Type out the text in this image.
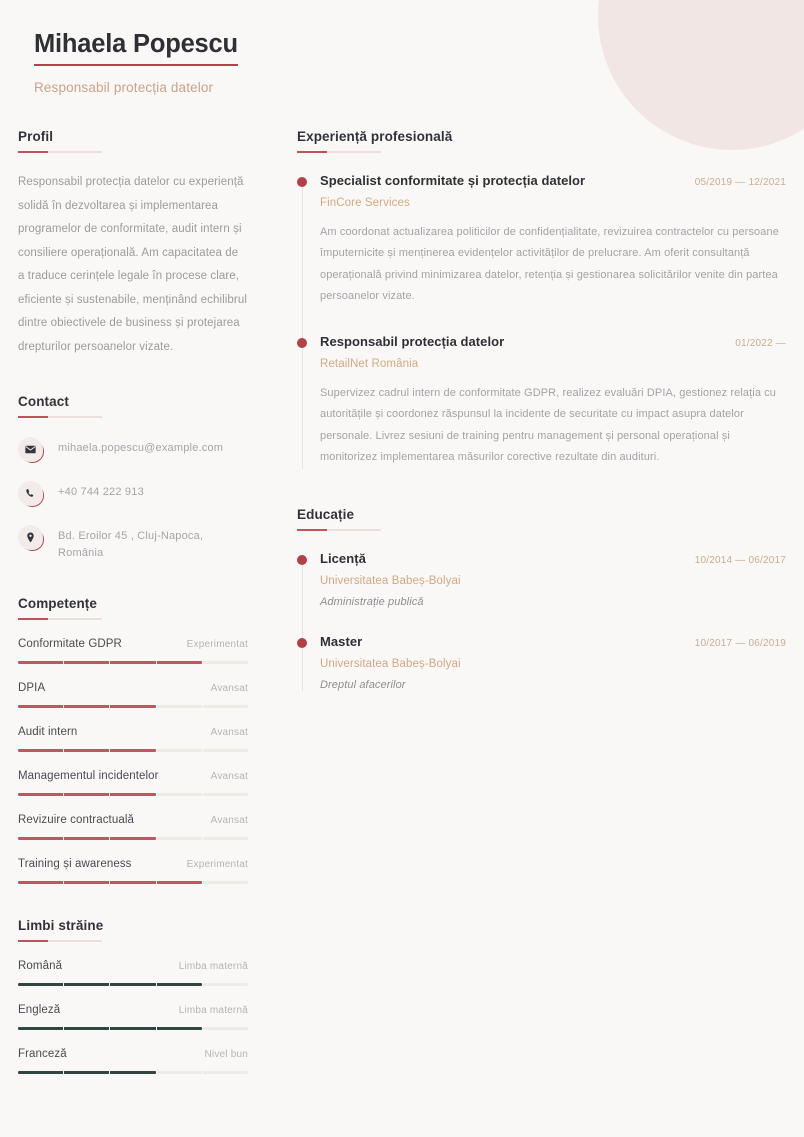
Mihaela Popescu

Responsabil protecția datelor

Profil

Responsabil protecția datelor cu experiență solidă în dezvoltarea și implementarea programelor de conformitate, audit intern și consiliere operațională. Am capacitatea de a traduce cerințele legale în procese clare, eficiente și sustenabile, menținând echilibrul dintre obiectivele de business și protejarea drepturilor persoanelor vizate.

Contact
mihaela.popescu@example.com
+40 744 222 913
Bd. Eroilor 45 , Cluj-Napoca, România
Competențe
Conformitate GDPR	Experimentat
DPIA	Avansat
Audit intern	Avansat
Managementul incidentelor	Avansat
Revizuire contractuală	Avansat
Training și awareness	Experimentat
Limbi străine
Română	Limba maternă
Engleză	Limba maternă
Franceză	Nivel bun
Experiență profesională
Specialist conformitate și protecția datelor	05/2019 — 12/2021
FinCore Services
Am coordonat actualizarea politicilor de confidențialitate, revizuirea contractelor cu persoane împuternicite și menținerea evidențelor activităților de prelucrare. Am oferit consultanță operațională privind minimizarea datelor, retenția și gestionarea solicitărilor venite din partea persoanelor vizate.
Responsabil protecția datelor	01/2022 —
RetailNet România
Supervizez cadrul intern de conformitate GDPR, realizez evaluări DPIA, gestionez relația cu autoritățile și coordonez răspunsul la incidente de securitate cu impact asupra datelor personale. Livrez sesiuni de training pentru management și personal operațional și monitorizez implementarea măsurilor corective rezultate din audituri.
Educație
Licență	10/2014 — 06/2017
Universitatea Babeș-Bolyai
Administrație publică
Master	10/2017 — 06/2019
Universitatea Babeș-Bolyai
Dreptul afacerilor
